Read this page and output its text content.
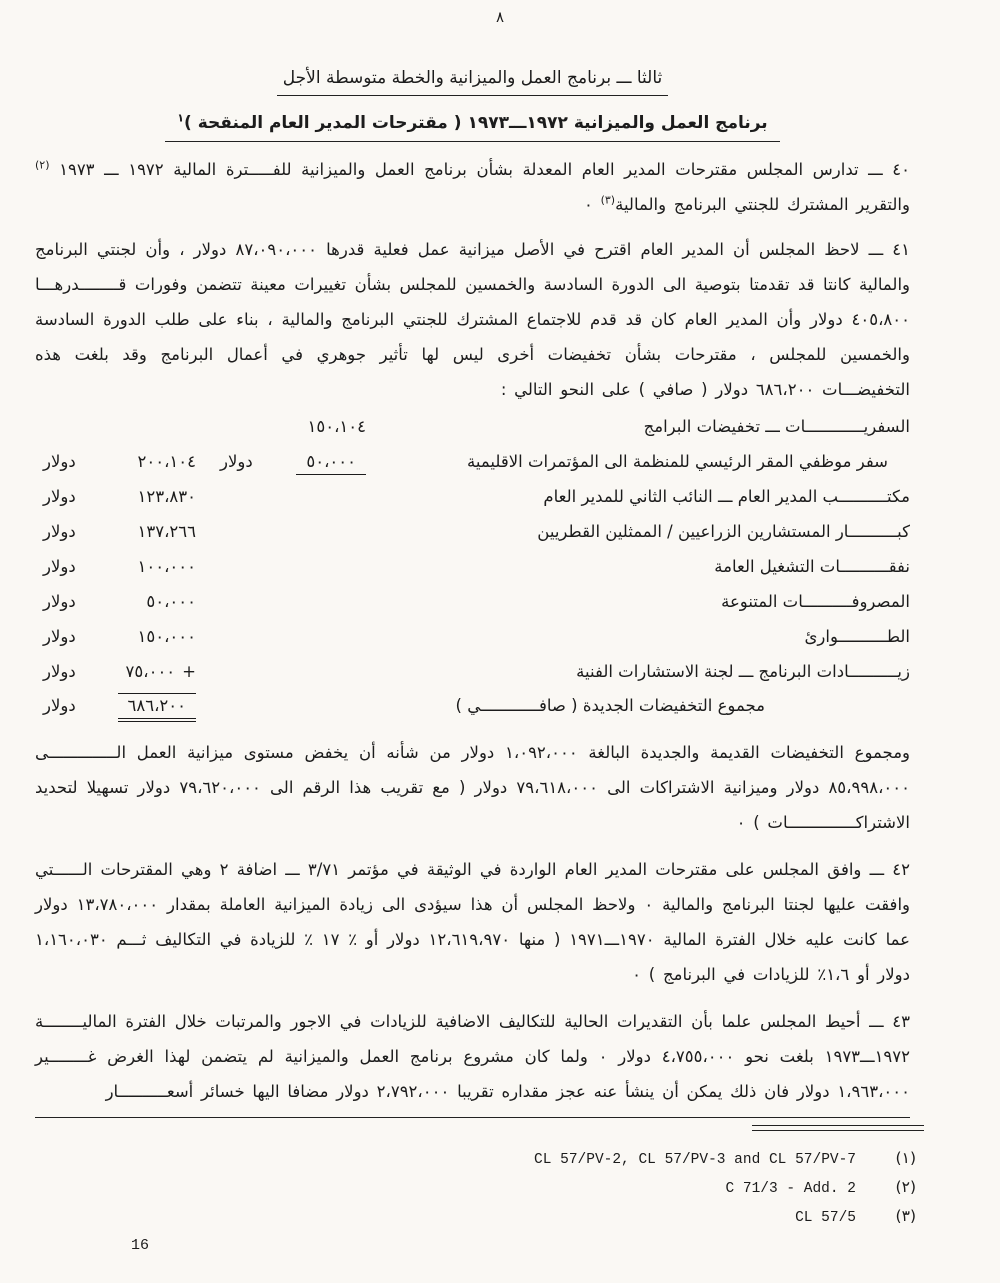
٨
ثالثا ـــ برنامج العمل والميزانية والخطة متوسطة الأجل
برنامج العمل والميزانية ١٩٧٢ـــ١٩٧٣ ( مقترحات المدير العام المنقحة )$^١$
٤٠ ـــ تدارس المجلس مقترحات المدير العام المعدلة بشأن برنامج العمل والميزانية للفـــــترة المالية ١٩٧٢ ـــ ١٩٧٣ $^{(٢)}$ والتقرير المشترك للجنتي البرنامج والمالية$^{(٣)}$ ٠
٤١ ـــ لاحظ المجلس أن المدير العام اقترح في الأصل ميزانية عمل فعلية قدرها ٨٧،٠٩٠،٠٠٠ دولار ، وأن لجنتي البرنامج والمالية كانتا قد تقدمتا بتوصية الى الدورة السادسة والخمسين للمجلس بشأن تغييرات معينة تتضمن وفورات قــــــــدرهـــا ٤٠٥،٨٠٠ دولار وأن المدير العام كان قد قدم للاجتماع المشترك للجنتي البرنامج والمالية ، بناء على طلب الدورة السادسة والخمسين للمجلس ، مقترحات بشأن تخفيضات أخرى ليس لها تأثير جوهري في أعمال البرنامج وقد بلغت هذه التخفيضـــات ٦٨٦،٢٠٠ دولار ( صافي ) على النحو التالي :
السفريــــــــــــات ـــ تخفيضات البرامج
١٥٠،١٠٤
سفر موظفي المقر الرئيسي للمنظمة الى المؤتمرات الاقليمية
٥٠،٠٠٠
دولار
٢٠٠،١٠٤
دولار
مكتــــــــــب المدير العام ـــ النائب الثاني للمدير العام
١٢٣،٨٣٠
دولار
كبــــــــــار المستشارين الزراعيين / الممثلين القطريين
١٣٧،٢٦٦
دولار
نفقــــــــــات التشغيل العامة
١٠٠،٠٠٠
دولار
المصروفــــــــــات المتنوعة
٥٠،٠٠٠
دولار
الطــــــــــوارئ
١٥٠،٠٠٠
دولار
زيــــــــــادات البرنامج ـــ لجنة الاستشارات الفنية
+٧٥،٠٠٠
دولار
مجموع التخفيضات الجديدة ( صافــــــــــــي )
٦٨٦،٢٠٠
دولار
ومجموع التخفيضات القديمة والجديدة البالغة ١،٠٩٢،٠٠٠ دولار من شأنه أن يخفض مستوى ميزانية العمل الــــــــــــــى ٨٥،٩٩٨،٠٠٠ دولار وميزانية الاشتراكات الى ٧٩،٦١٨،٠٠٠ دولار ( مع تقريب هذا الرقم الى ٧٩،٦٢٠،٠٠٠ دولار تسهيلا لتحديد الاشتراكــــــــــــــات ) ٠
٤٢ ـــ وافق المجلس على مقترحات المدير العام الواردة في الوثيقة في مؤتمر ٣/٧١ ـــ اضافة ٢ وهي المقترحات الــــــتي وافقت عليها لجنتا البرنامج والمالية ٠ ولاحظ المجلس أن هذا سيؤدى الى زيادة الميزانية العاملة بمقدار ١٣،٧٨٠،٠٠٠ دولار عما كانت عليه خلال الفترة المالية ١٩٧٠ـــ١٩٧١ ( منها ١٢،٦١٩،٩٧٠ دولار أو ٪ ١٧ ٪ للزيادة في التكاليف ثـــم ١،١٦٠،٠٣٠ دولار أو ١،٦٪ للزيادات في البرنامج ) ٠
٤٣ ـــ أحيط المجلس علما بأن التقديرات الحالية للتكاليف الاضافية للزيادات في الاجور والمرتبات خلال الفترة الماليــــــــة ١٩٧٢ـــ١٩٧٣ بلغت نحو ٤،٧٥٥،٠٠٠ دولار ٠ ولما كان مشروع برنامج العمل والميزانية لم يتضمن لهذا الغرض غــــــــير ١،٩٦٣،٠٠٠ دولار فان ذلك يمكن أن ينشأ عنه عجز مقداره تقريبا ٢،٧٩٢،٠٠٠ دولار مضافا اليها خسائر أسعــــــــــار
(١)
CL 57/PV-2, CL 57/PV-3 and CL 57/PV-7
(٢)
C 71/3 - Add. 2
(٣)
CL 57/5
16
